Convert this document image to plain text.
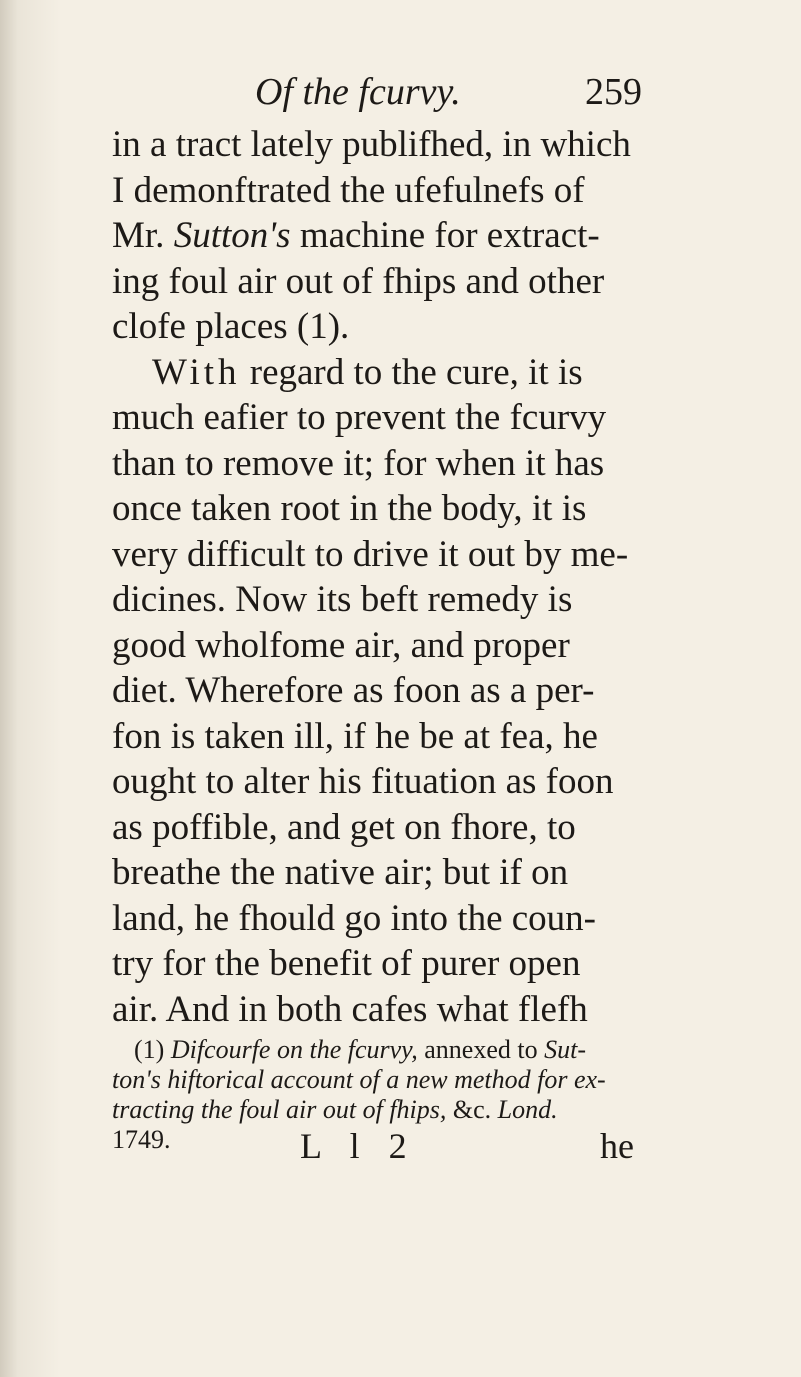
Of the fcurvy.	259
in a tract lately publifhed, in which
I demonftrated the ufefulnefs of
Mr. Sutton's machine for extract-
ing foul air out of fhips and other
clofe places (1).
With regard to the cure, it is
much eafier to prevent the fcurvy
than to remove it; for when it has
once taken root in the body, it is
very difficult to drive it out by me-
dicines. Now its beft remedy is
good wholfome air, and proper
diet. Wherefore as foon as a per-
fon is taken ill, if he be at fea, he
ought to alter his fituation as foon
as poffible, and get on fhore, to
breathe the native air; but if on
land, he fhould go into the coun-
try for the benefit of purer open
air. And in both cafes what flefh
(1) Difcourfe on the fcurvy, annexed to Sut-
ton's hiftorical account of a new method for ex-
tracting the foul air out of fhips, &c. Lond.
1749.	L l 2	he
